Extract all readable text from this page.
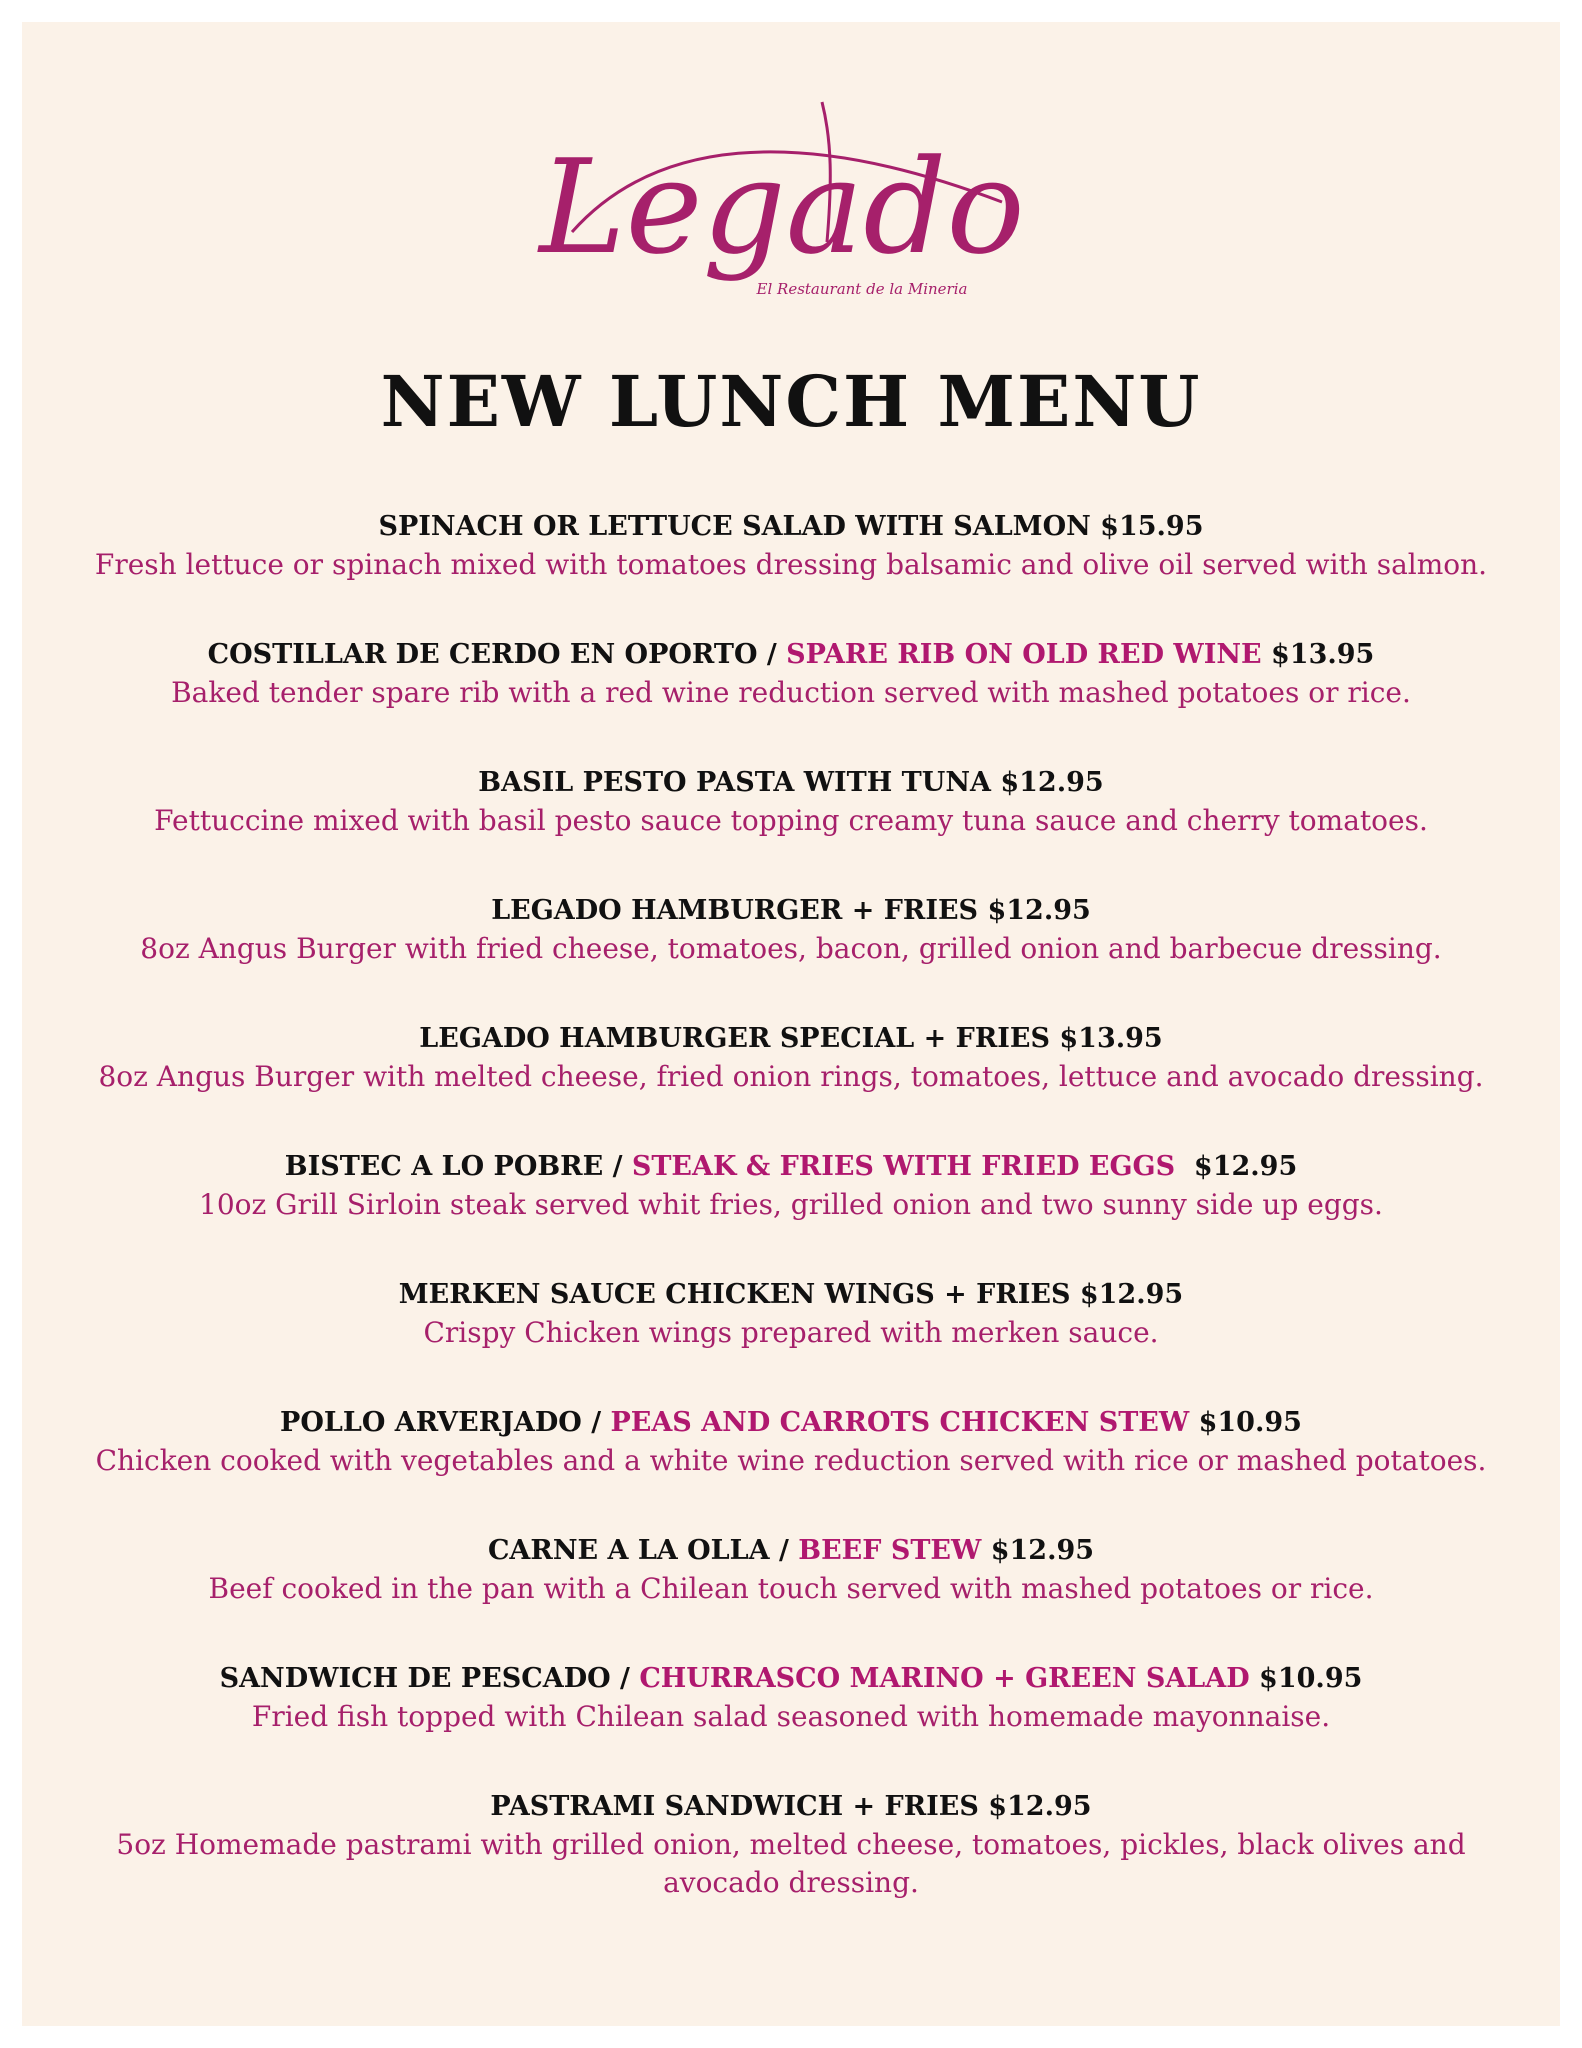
Legado
El Restaurant de la Mineria
NEW LUNCH MENU
SPINACH OR LETTUCE SALAD WITH SALMON $15.95
Fresh lettuce or spinach mixed with tomatoes dressing balsamic and olive oil served with salmon.
COSTILLAR DE CERDO EN OPORTO / SPARE RIB ON OLD RED WINE $13.95
Baked tender spare rib with a red wine reduction served with mashed potatoes or rice.
BASIL PESTO PASTA WITH TUNA $12.95
Fettuccine mixed with basil pesto sauce topping creamy tuna sauce and cherry tomatoes.
LEGADO HAMBURGER + FRIES $12.95
8oz Angus Burger with fried cheese, tomatoes, bacon, grilled onion and barbecue dressing.
LEGADO HAMBURGER SPECIAL + FRIES $13.95
8oz Angus Burger with melted cheese, fried onion rings, tomatoes, lettuce and avocado dressing.
BISTEC A LO POBRE / STEAK & FRIES WITH FRIED EGGS  $12.95
10oz Grill Sirloin steak served whit fries, grilled onion and two sunny side up eggs.
MERKEN SAUCE CHICKEN WINGS + FRIES $12.95
Crispy Chicken wings prepared with merken sauce.
POLLO ARVERJADO / PEAS AND CARROTS CHICKEN STEW $10.95
Chicken cooked with vegetables and a white wine reduction served with rice or mashed potatoes.
CARNE A LA OLLA / BEEF STEW $12.95
Beef cooked in the pan with a Chilean touch served with mashed potatoes or rice.
SANDWICH DE PESCADO / CHURRASCO MARINO + GREEN SALAD $10.95
Fried fish topped with Chilean salad seasoned with homemade mayonnaise.
PASTRAMI SANDWICH + FRIES $12.95
5oz Homemade pastrami with grilled onion, melted cheese, tomatoes, pickles, black olives and avocado dressing.
